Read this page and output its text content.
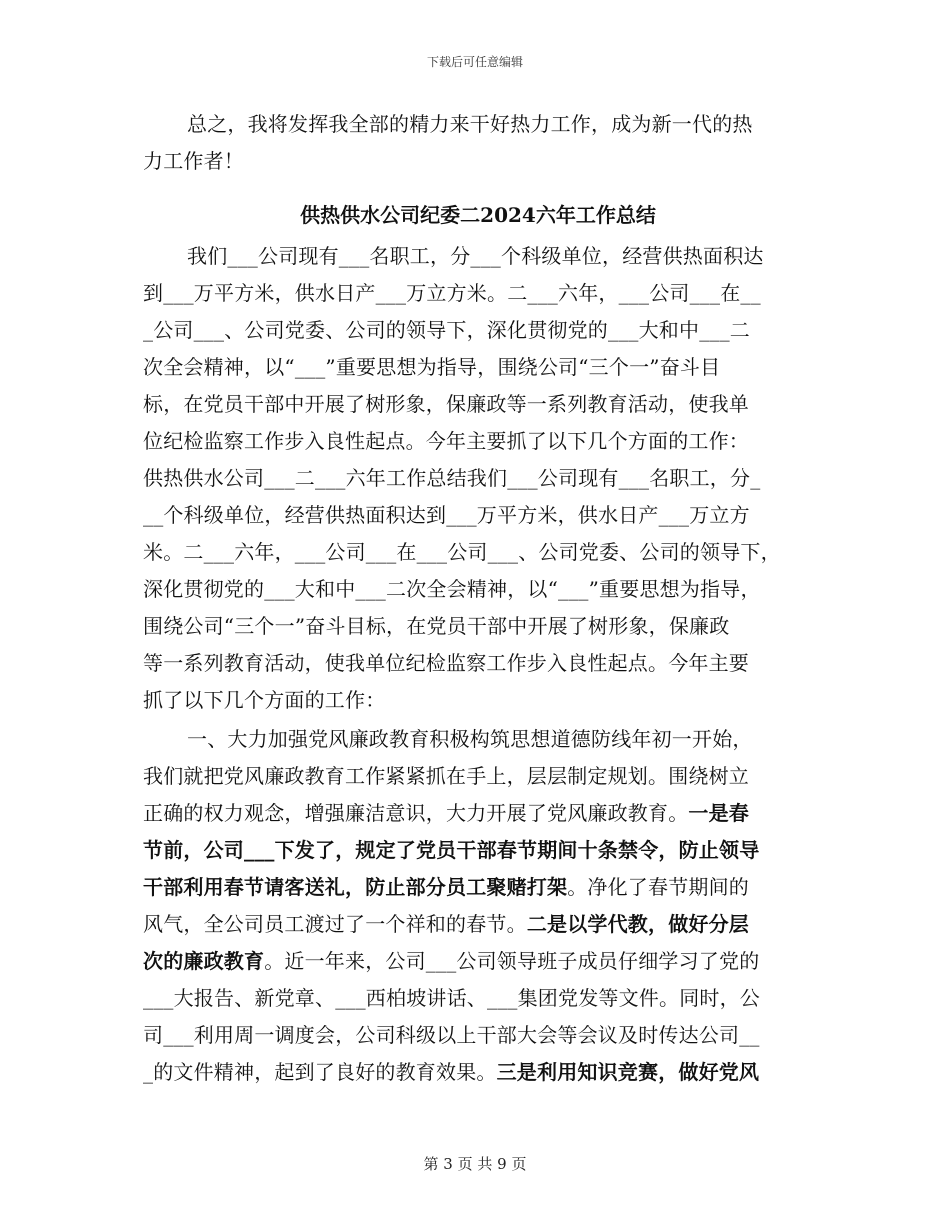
下载后可任意编辑
总之，我将发挥我全部的精力来干好热力工作，成为新一代的热
力工作者！
供热供水公司纪委二2024六年工作总结
我们___公司现有___名职工，分___个科级单位，经营供热面积达
到___万平方米，供水日产___万立方米。二___六年，___公司___在__
_公司___、公司党委、公司的领导下，深化贯彻党的___大和中___二
次全会精神，以“___”重要思想为指导，围绕公司“三个一”奋斗目
标，在党员干部中开展了树形象，保廉政等一系列教育活动，使我单
位纪检监察工作步入良性起点。今年主要抓了以下几个方面的工作：
供热供水公司___二___六年工作总结我们___公司现有___名职工，分_
__个科级单位，经营供热面积达到___万平方米，供水日产___万立方
米。二___六年，___公司___在___公司___、公司党委、公司的领导下，
深化贯彻党的___大和中___二次全会精神，以“___”重要思想为指导，
围绕公司“三个一”奋斗目标，在党员干部中开展了树形象，保廉政
等一系列教育活动，使我单位纪检监察工作步入良性起点。今年主要
抓了以下几个方面的工作：
一、大力加强党风廉政教育积极构筑思想道德防线年初一开始，
我们就把党风廉政教育工作紧紧抓在手上，层层制定规划。围绕树立
正确的权力观念，增强廉洁意识，大力开展了党风廉政教育。一是春
节前，公司___下发了，规定了党员干部春节期间十条禁令，防止领导
干部利用春节请客送礼，防止部分员工聚赌打架。净化了春节期间的
风气，全公司员工渡过了一个祥和的春节。二是以学代教，做好分层
次的廉政教育。近一年来，公司___公司领导班子成员仔细学习了党的
___大报告、新党章、___西柏坡讲话、___集团党发等文件。同时，公
司___利用周一调度会，公司科级以上干部大会等会议及时传达公司__
_的文件精神，起到了良好的教育效果。三是利用知识竞赛，做好党风
第 3 页 共 9 页
